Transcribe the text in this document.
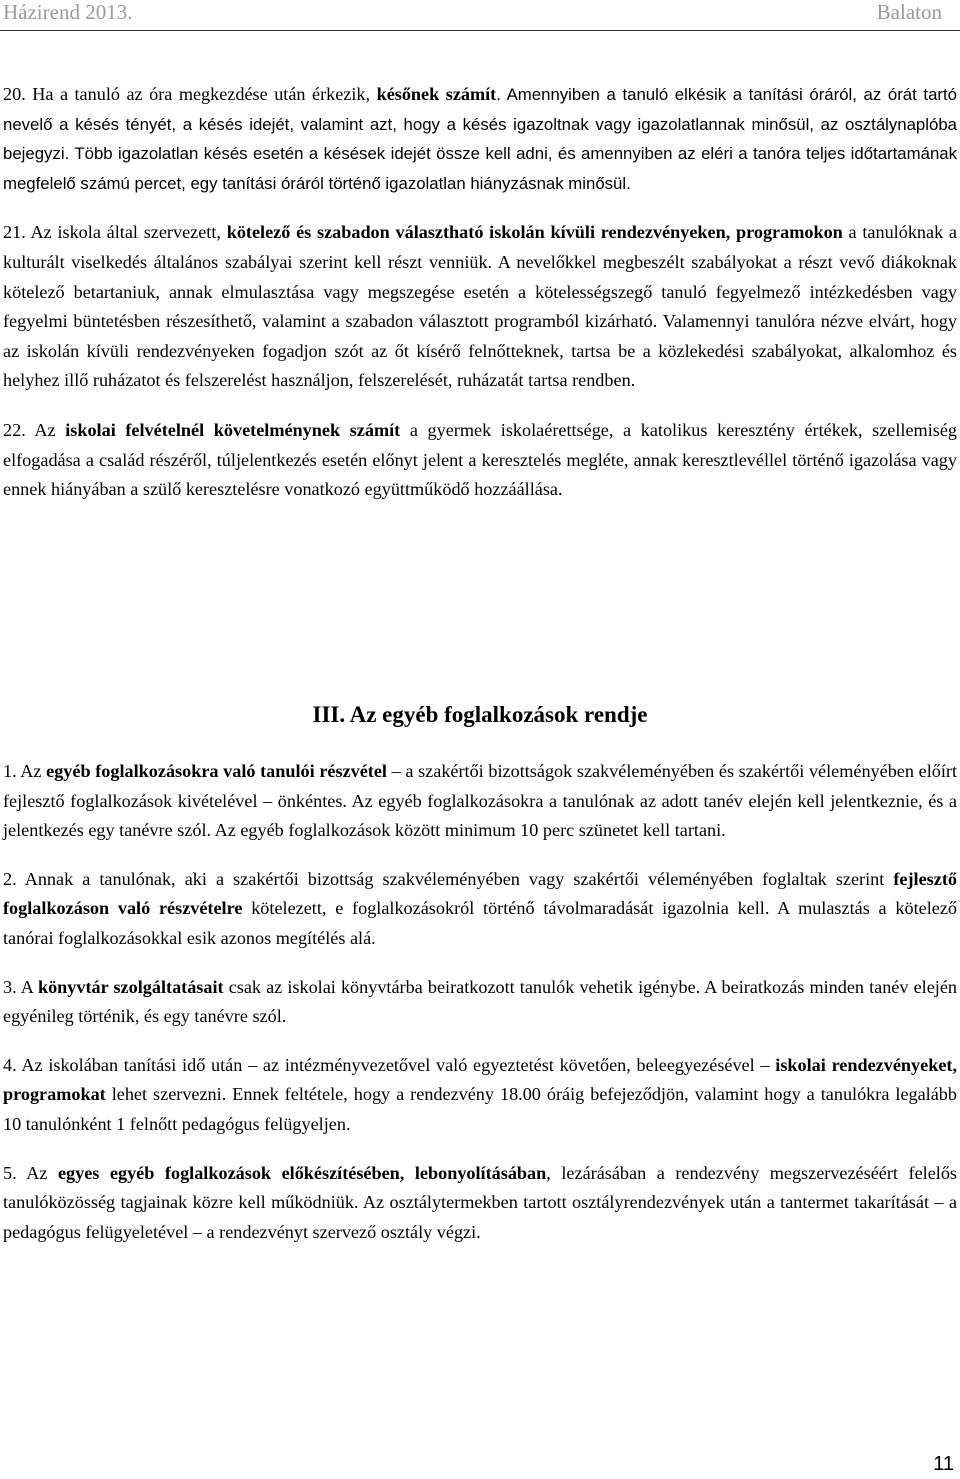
Házirend 2013.	Balaton

20. Ha a tanuló az óra megkezdése után érkezik, későnek számít. Amennyiben a tanuló elkésik a tanítási óráról, az órát tartó nevelő a késés tényét, a késés idejét, valamint azt, hogy a késés igazoltnak vagy igazolatlannak minősül, az osztálynaplóba bejegyzi. Több igazolatlan késés esetén a késések idejét össze kell adni, és amennyiben az eléri a tanóra teljes időtartamának megfelelő számú percet, egy tanítási óráról történő igazolatlan hiányzásnak minősül.

21. Az iskola által szervezett, kötelező és szabadon választható iskolán kívüli rendezvényeken, programokon a tanulóknak a kulturált viselkedés általános szabályai szerint kell részt venniük. A nevelőkkel megbeszélt szabályokat a részt vevő diákoknak kötelező betartaniuk, annak elmulasztása vagy megszegése esetén a kötelességszegő tanuló fegyelmező intézkedésben vagy fegyelmi büntetésben részesíthető, valamint a szabadon választott programból kizárható. Valamennyi tanulóra nézve elvárt, hogy az iskolán kívüli rendezvényeken fogadjon szót az őt kísérő felnőtteknek, tartsa be a közlekedési szabályokat, alkalomhoz és helyhez illő ruházatot és felszerelést használjon, felszerelését, ruházatát tartsa rendben.

22. Az iskolai felvételnél követelménynek számít a gyermek iskolaérettsége, a katolikus keresztény értékek, szellemiség elfogadása a család részéről, túljelentkezés esetén előnyt jelent a keresztelés megléte, annak keresztlevéllel történő igazolása vagy ennek hiányában a szülő keresztelésre vonatkozó együttműködő hozzáállása.

III. Az egyéb foglalkozások rendje

1. Az egyéb foglalkozásokra való tanulói részvétel – a szakértői bizottságok szakvéleményében és szakértői véleményében előírt fejlesztő foglalkozások kivételével – önkéntes. Az egyéb foglalkozásokra a tanulónak az adott tanév elején kell jelentkeznie, és a jelentkezés egy tanévre szól. Az egyéb foglalkozások között minimum 10 perc szünetet kell tartani.

2. Annak a tanulónak, aki a szakértői bizottság szakvéleményében vagy szakértői véleményében foglaltak szerint fejlesztő foglalkozáson való részvételre kötelezett, e foglalkozásokról történő távolmaradását igazolnia kell. A mulasztás a kötelező tanórai foglalkozásokkal esik azonos megítélés alá.

3. A könyvtár szolgáltatásait csak az iskolai könyvtárba beiratkozott tanulók vehetik igénybe. A beiratkozás minden tanév elején egyénileg történik, és egy tanévre szól.

4. Az iskolában tanítási idő után – az intézményvezetővel való egyeztetést követően, beleegyezésével – iskolai rendezvényeket, programokat lehet szervezni. Ennek feltétele, hogy a rendezvény 18.00 óráig befejeződjön, valamint hogy a tanulókra legalább 10 tanulónként 1 felnőtt pedagógus felügyeljen.

5. Az egyes egyéb foglalkozások előkészítésében, lebonyolításában, lezárásában a rendezvény megszervezéséért felelős tanulóközösség tagjainak közre kell működniük. Az osztálytermekben tartott osztályrendezvények után a tantermet takarítását – a pedagógus felügyeletével – a rendezvényt szervező osztály végzi.

11
